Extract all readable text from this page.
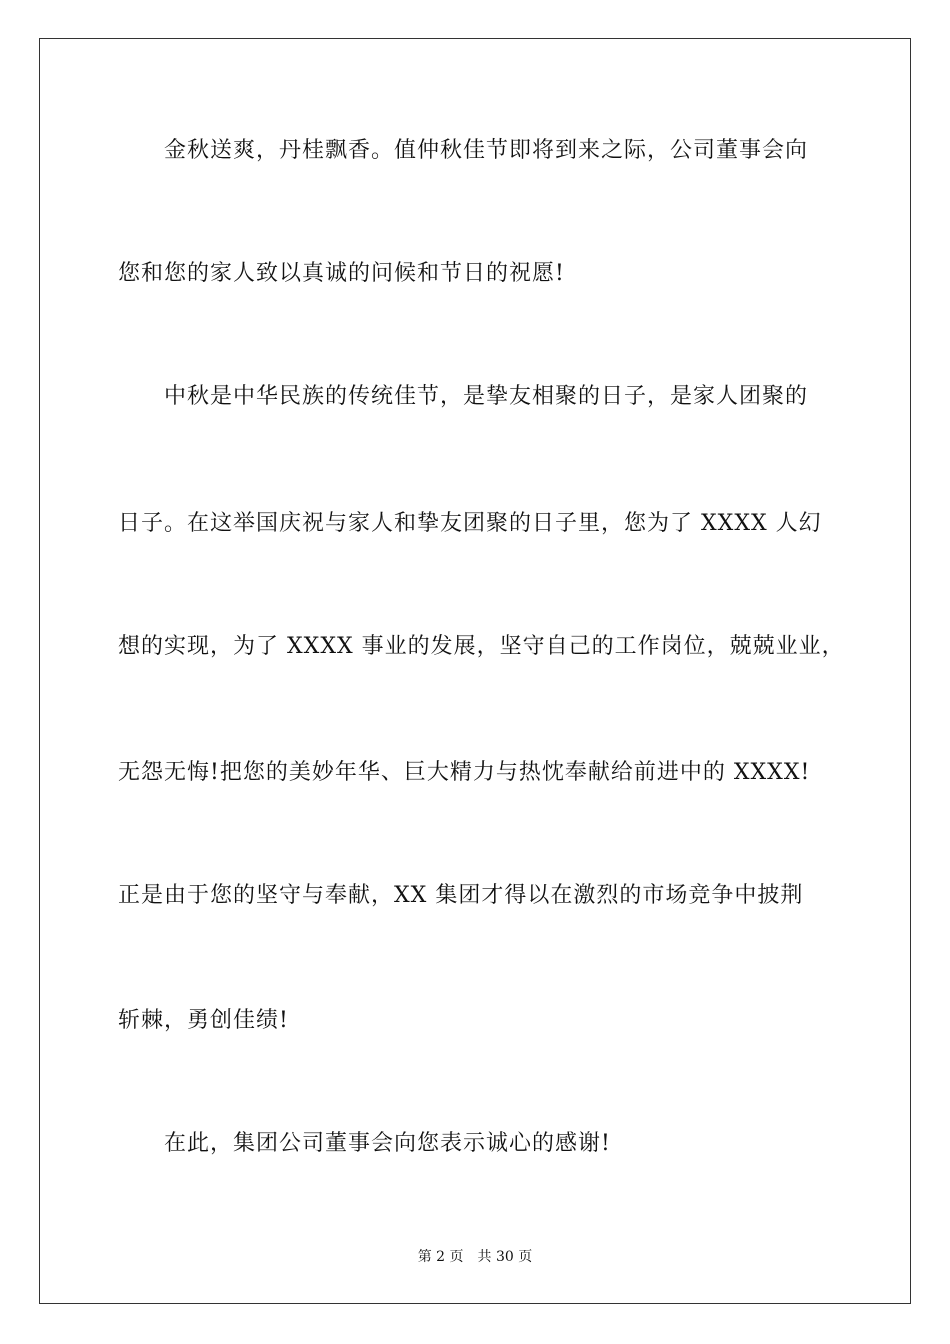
金秋送爽，丹桂飘香。值仲秋佳节即将到来之际，公司董事会向
您和您的家人致以真诚的问候和节日的祝愿!
中秋是中华民族的传统佳节，是挚友相聚的日子，是家人团聚的
日子。在这举国庆祝与家人和挚友团聚的日子里，您为了 XXXX 人幻
想的实现，为了 XXXX 事业的发展，坚守自己的工作岗位，兢兢业业，
无怨无悔!把您的美妙年华、巨大精力与热忱奉献给前进中的 XXXX!
正是由于您的坚守与奉献，XX 集团才得以在激烈的市场竞争中披荆
斩棘，勇创佳绩!
在此，集团公司董事会向您表示诚心的感谢!
第 2 页 共 30 页
